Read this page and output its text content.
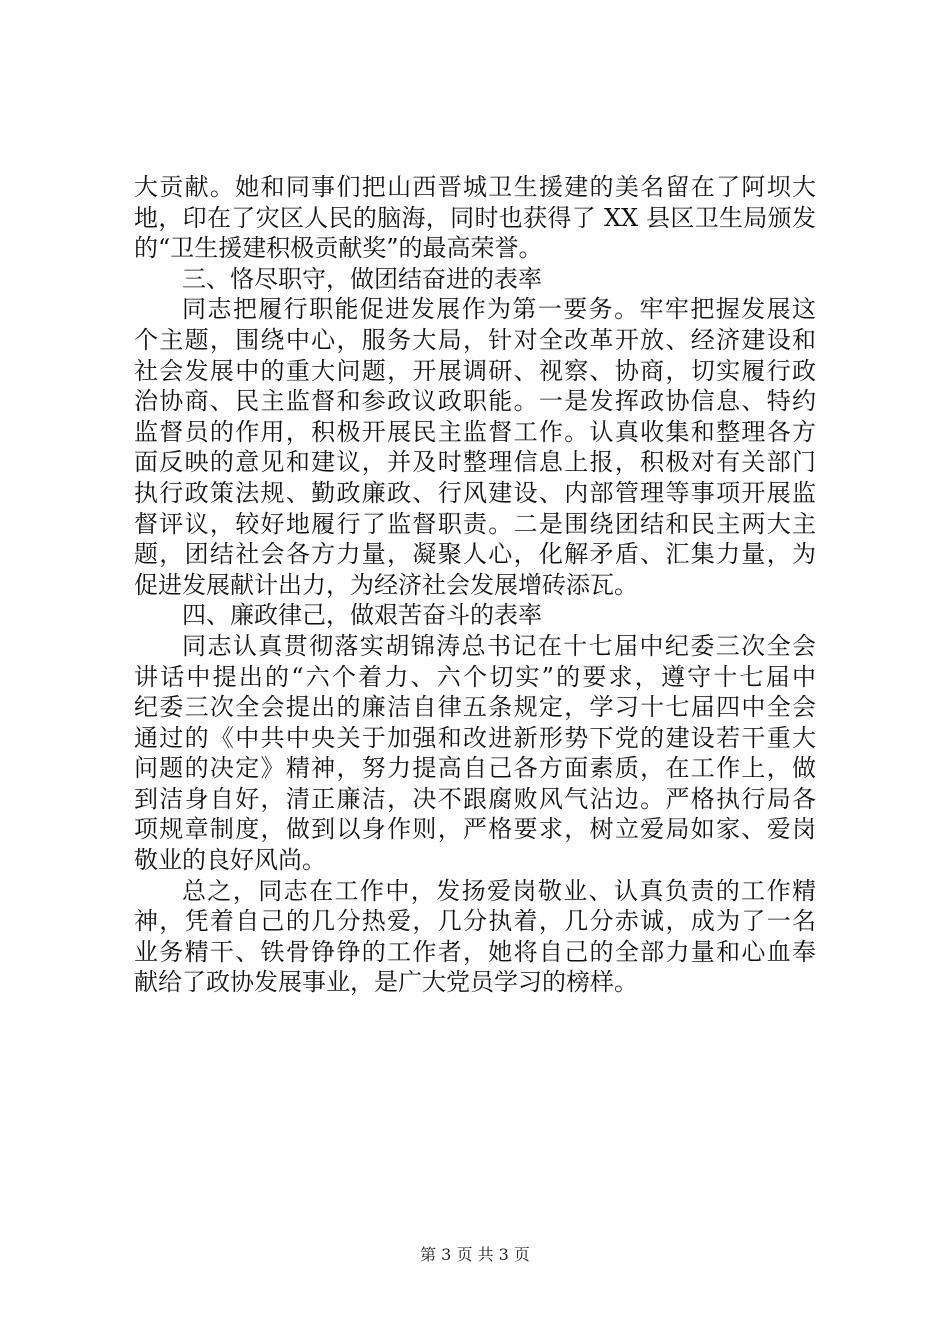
大贡献。她和同事们把山西晋城卫生援建的美名留在了阿坝大
地，印在了灾区人民的脑海，同时也获得了 XX 县区卫生局颁发
的“卫生援建积极贡献奖”的最高荣誉。
三、恪尽职守，做团结奋进的表率
同志把履行职能促进发展作为第一要务。牢牢把握发展这
个主题，围绕中心，服务大局，针对全改革开放、经济建设和
社会发展中的重大问题，开展调研、视察、协商，切实履行政
治协商、民主监督和参政议政职能。一是发挥政协信息、特约
监督员的作用，积极开展民主监督工作。认真收集和整理各方
面反映的意见和建议，并及时整理信息上报，积极对有关部门
执行政策法规、勤政廉政、行风建设、内部管理等事项开展监
督评议，较好地履行了监督职责。二是围绕团结和民主两大主
题，团结社会各方力量，凝聚人心，化解矛盾、汇集力量，为
促进发展献计出力，为经济社会发展增砖添瓦。
四、廉政律己，做艰苦奋斗的表率
同志认真贯彻落实胡锦涛总书记在十七届中纪委三次全会
讲话中提出的“六个着力、六个切实”的要求，遵守十七届中
纪委三次全会提出的廉洁自律五条规定，学习十七届四中全会
通过的《中共中央关于加强和改进新形势下党的建设若干重大
问题的决定》精神，努力提高自己各方面素质，在工作上，做
到洁身自好，清正廉洁，决不跟腐败风气沾边。严格执行局各
项规章制度，做到以身作则，严格要求，树立爱局如家、爱岗
敬业的良好风尚。
总之，同志在工作中，发扬爱岗敬业、认真负责的工作精
神，凭着自己的几分热爱，几分执着，几分赤诚，成为了一名
业务精干、铁骨铮铮的工作者，她将自己的全部力量和心血奉
献给了政协发展事业，是广大党员学习的榜样。
第 3 页 共 3 页
